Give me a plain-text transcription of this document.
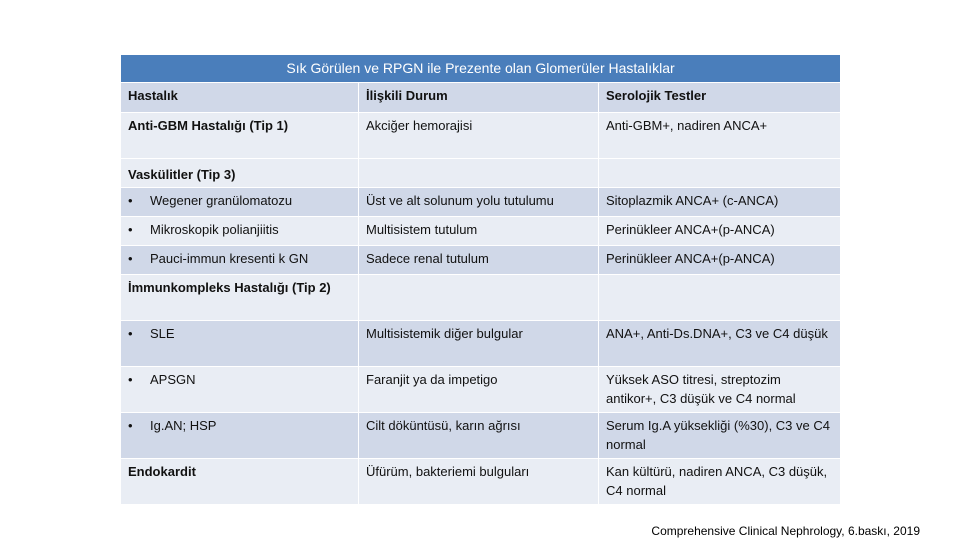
Sık Görülen ve RPGN ile Prezente olan Glomerüler Hastalıklar		
Hastalık	İlişkili Durum	Serolojik Testler
Anti-GBM Hastalığı (Tip 1)	Akciğer hemorajisi	Anti-GBM+, nadiren ANCA+
Vaskülitler (Tip 3)		
• Wegener granülomatozu	Üst ve alt solunum yolu tutulumu	Sitoplazmik ANCA+ (c-ANCA)
• Mikroskopik polianjiitis	Multisistem tutulum	Perinükleer ANCA+(p-ANCA)
• Pauci-immun kresenti k GN	Sadece renal tutulum	Perinükleer ANCA+(p-ANCA)
İmmunkompleks Hastalığı (Tip 2)		
• SLE	Multisistemik diğer bulgular	ANA+, Anti-Ds.DNA+, C3 ve C4 düşük
• APSGN	Faranjit ya da impetigo	Yüksek ASO titresi, streptozim antikor+, C3 düşük ve C4 normal
• Ig.AN; HSP	Cilt döküntüsü, karın ağrısı	Serum Ig.A yüksekliği (%30), C3 ve C4 normal
Endokardit	Üfürüm, bakteriemi bulguları	Kan kültürü, nadiren ANCA, C3 düşük, C4 normal
Comprehensive Clinical Nephrology, 6.baskı, 2019
